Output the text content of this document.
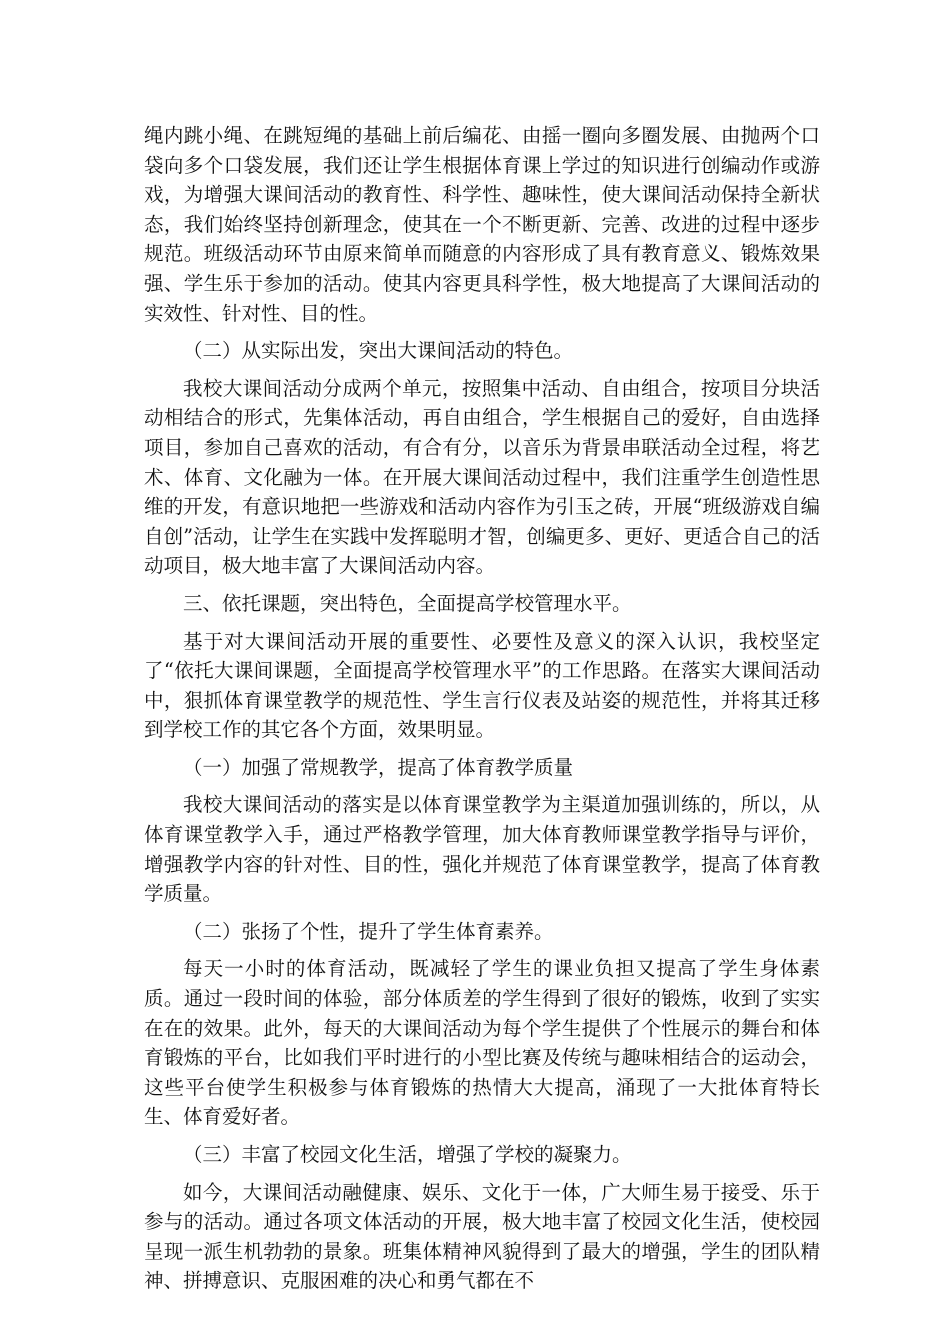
绳内跳小绳、在跳短绳的基础上前后编花、由摇一圈向多圈发展、由抛两个口袋向多个口袋发展，我们还让学生根据体育课上学过的知识进行创编动作或游戏，为增强大课间活动的教育性、科学性、趣味性，使大课间活动保持全新状态，我们始终坚持创新理念，使其在一个不断更新、完善、改进的过程中逐步规范。班级活动环节由原来简单而随意的内容形成了具有教育意义、锻炼效果强、学生乐于参加的活动。使其内容更具科学性，极大地提高了大课间活动的实效性、针对性、目的性。

（二）从实际出发，突出大课间活动的特色。

我校大课间活动分成两个单元，按照集中活动、自由组合，按项目分块活动相结合的形式，先集体活动，再自由组合，学生根据自己的爱好，自由选择项目，参加自己喜欢的活动，有合有分，以音乐为背景串联活动全过程，将艺术、体育、文化融为一体。在开展大课间活动过程中，我们注重学生创造性思维的开发，有意识地把一些游戏和活动内容作为引玉之砖，开展“班级游戏自编自创”活动，让学生在实践中发挥聪明才智，创编更多、更好、更适合自己的活动项目，极大地丰富了大课间活动内容。

三、依托课题，突出特色，全面提高学校管理水平。

基于对大课间活动开展的重要性、必要性及意义的深入认识，我校坚定了“依托大课间课题，全面提高学校管理水平”的工作思路。在落实大课间活动中，狠抓体育课堂教学的规范性、学生言行仪表及站姿的规范性，并将其迁移到学校工作的其它各个方面，效果明显。

（一）加强了常规教学，提高了体育教学质量

我校大课间活动的落实是以体育课堂教学为主渠道加强训练的，所以，从体育课堂教学入手，通过严格教学管理，加大体育教师课堂教学指导与评价，增强教学内容的针对性、目的性，强化并规范了体育课堂教学，提高了体育教学质量。

（二）张扬了个性，提升了学生体育素养。

每天一小时的体育活动，既减轻了学生的课业负担又提高了学生身体素质。通过一段时间的体验，部分体质差的学生得到了很好的锻炼，收到了实实在在的效果。此外，每天的大课间活动为每个学生提供了个性展示的舞台和体育锻炼的平台，比如我们平时进行的小型比赛及传统与趣味相结合的运动会，这些平台使学生积极参与体育锻炼的热情大大提高，涌现了一大批体育特长生、体育爱好者。

（三）丰富了校园文化生活，增强了学校的凝聚力。

如今，大课间活动融健康、娱乐、文化于一体，广大师生易于接受、乐于参与的活动。通过各项文体活动的开展，极大地丰富了校园文化生活，使校园呈现一派生机勃勃的景象。班集体精神风貌得到了最大的增强，学生的团队精神、拼搏意识、克服困难的决心和勇气都在不
